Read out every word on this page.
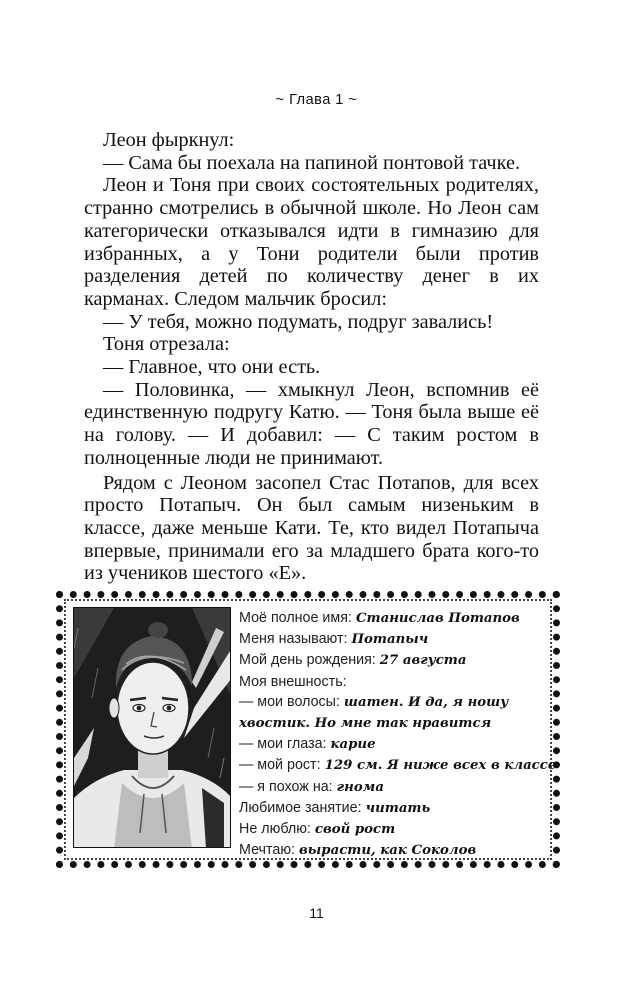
~ Глава 1 ~

Леон фыркнул:

— Сама бы поехала на папиной понтовой тачке.

Леон и Тоня при своих состоятельных родителях, странно смотрелись в обычной школе. Но Леон сам категорически отказывался идти в гимназию для избранных, а у Тони родители были против разделения детей по количеству денег в их карманах. Следом мальчик бросил:

— У тебя, можно подумать, подруг завались!

Тоня отрезала:

— Главное, что они есть.

— Половинка, — хмыкнул Леон, вспомнив её единственную подругу Катю. — Тоня была выше её на голову. — И добавил: — С таким ростом в полноценные люди не принимают.

Рядом с Леоном засопел Стас Потапов, для всех просто Потапыч. Он был самым низеньким в классе, даже меньше Кати. Те, кто видел Потапыча впервые, принимали его за младшего брата кого-то из учеников шестого «Е».

Моё полное имя: Станислав Потапов
Меня называют: Потапыч
Мой день рождения: 27 августа
Моя внешность:
— мои волосы: шатен. И да, я ношу
хвостик. Но мне так нравится
— мои глаза: карие
— мой рост: 129 см. Я ниже всех в классе
— я похож на: гнома
Любимое занятие: читать
Не люблю: свой рост
Мечтаю: вырасти, как Соколов
11
